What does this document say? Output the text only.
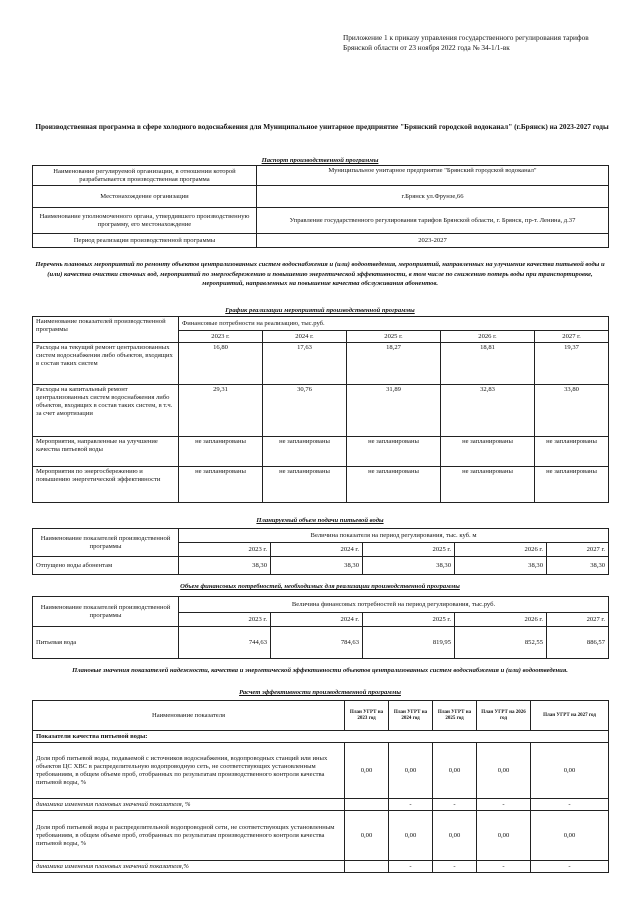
Приложение 1 к приказу управления государственного регулирования тарифов Брянской области от 23 ноября 2022 года № 34-1/1-вк
Производственная программа в сфере холодного водоснабжения для Муниципальное унитарное предприятие "Брянский городской водоканал" (г.Брянск) на 2023-2027 годы
Паспорт производственной программы
Наименование регулируемой организации, в отношении которой разрабатывается производственная программа	Муниципальное унитарное предприятие "Брянский городской водоканал"
Местонахождение организации	г.Брянск ул.Фрунзе,66
Наименование уполномоченного органа, утвердившего производственную программу, его местонахождение	Управление государственного регулирования тарифов Брянской области, г. Брянск, пр-т. Ленина, д.37
Период реализации производственной программы	2023-2027
Перечень плановых мероприятий по ремонту объектов централизованных систем водоснабжения и (или) водоотведения, мероприятий, направленных на улучшение качества питьевой воды и (или) качества очистки сточных вод, мероприятий по энергосбережению и повышению энергетической эффективности, в том числе по снижению потерь воды при транспортировке, мероприятий, направленных на повышение качества обслуживания абонентов.
График реализации мероприятий производственной программы
Наименование показателей производственной программы	Финансовые потребности на реализацию, тыс.руб.				
	2023 г.	2024 г.	2025 г.	2026 г.	2027 г.
Расходы на текущий ремонт централизованных систем водоснабжения либо объектов, входящих в состав таких систем	16,80	17,63	18,27	18,81	19,37
Расходы на капитальный ремонт централизованных систем водоснабжения либо объектов, входящих в состав таких систем, в т.ч. за счет амортизации	29,31	30,76	31,89	32,83	33,80
Мероприятия, направленные на улучшение качества питьевой воды	не запланированы	не запланированы	не запланированы	не запланированы	не запланированы
Мероприятия по энергосбережению и повышению энергетической эффективности	не запланированы	не запланированы	не запланированы	не запланированы	не запланированы
Планируемый объем подачи питьевой воды
Наименование показателей производственной программы	Величина показателя на период регулирования, тыс. куб. м				
	2023 г.	2024 г.	2025 г.	2026 г.	2027 г.
Отпущено воды абонентам	38,30	38,30	38,30	38,30	38,30
Объем финансовых потребностей, необходимых для реализации производственной программы
Наименование показателей производственной программы	Величина финансовых потребностей на период регулирования, тыс.руб.				
	2023 г.	2024 г.	2025 г.	2026 г.	2027 г.
Питьевая вода	744,63	784,63	819,95	852,55	886,57
Плановые значения показателей надежности, качества и энергетической эффективности объектов централизованных систем водоснабжения и (или) водоотведения.
Расчет эффективности производственной программы
Наименование показателя	План УГРТ на 2023 год	План УГРТ на 2024 год	План УГРТ на 2025 год	План УГРТ на 2026 год	План УГРТ на 2027 год
Показатели качества питьевой воды:					
Доля проб питьевой воды, подаваемой с источников водоснабжения, водопроводных станций или иных объектов ЦС ХВС в распределительную водопроводную сеть, не соответствующих установленным требованиям, в общем объеме проб, отобранных по результатам производственного контроля качества питьевой воды, %	0,00	0,00	0,00	0,00	0,00
динамика изменения плановых значений показателя, %		-	-	-	-
Доля проб питьевой воды в распределительной водопроводной сети, не соответствующих установленным требованиям, в общем объеме проб, отобранных по результатам производственного контроля качества питьевой воды, %	0,00	0,00	0,00	0,00	0,00
динамика изменения плановых значений показателя,%		-	-	-	-
